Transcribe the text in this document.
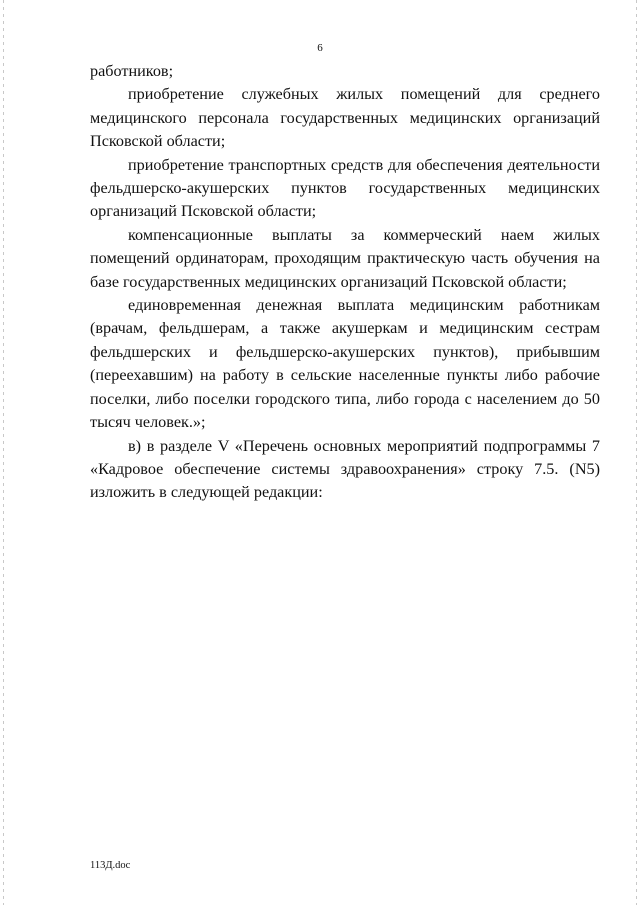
6

работников;

приобретение служебных жилых помещений для среднего медицинского персонала государственных медицинских организаций Псковской области;

приобретение транспортных средств для обеспечения деятельности фельдшерско-акушерских пунктов государственных медицинских организаций Псковской области;

компенсационные выплаты за коммерческий наем жилых помещений ординаторам, проходящим практическую часть обучения на базе государственных медицинских организаций Псковской области;

единовременная денежная выплата медицинским работникам (врачам, фельдшерам, а также акушеркам и медицинским сестрам фельдшерских и фельдшерско-акушерских пунктов), прибывшим (переехавшим) на работу в сельские населенные пункты либо рабочие поселки, либо поселки городского типа, либо города с населением до 50 тысяч человек.»;

в) в разделе V «Перечень основных мероприятий подпрограммы 7 «Кадровое обеспечение системы здравоохранения» строку 7.5. (N5) изложить в следующей редакции:

113Д.doc
